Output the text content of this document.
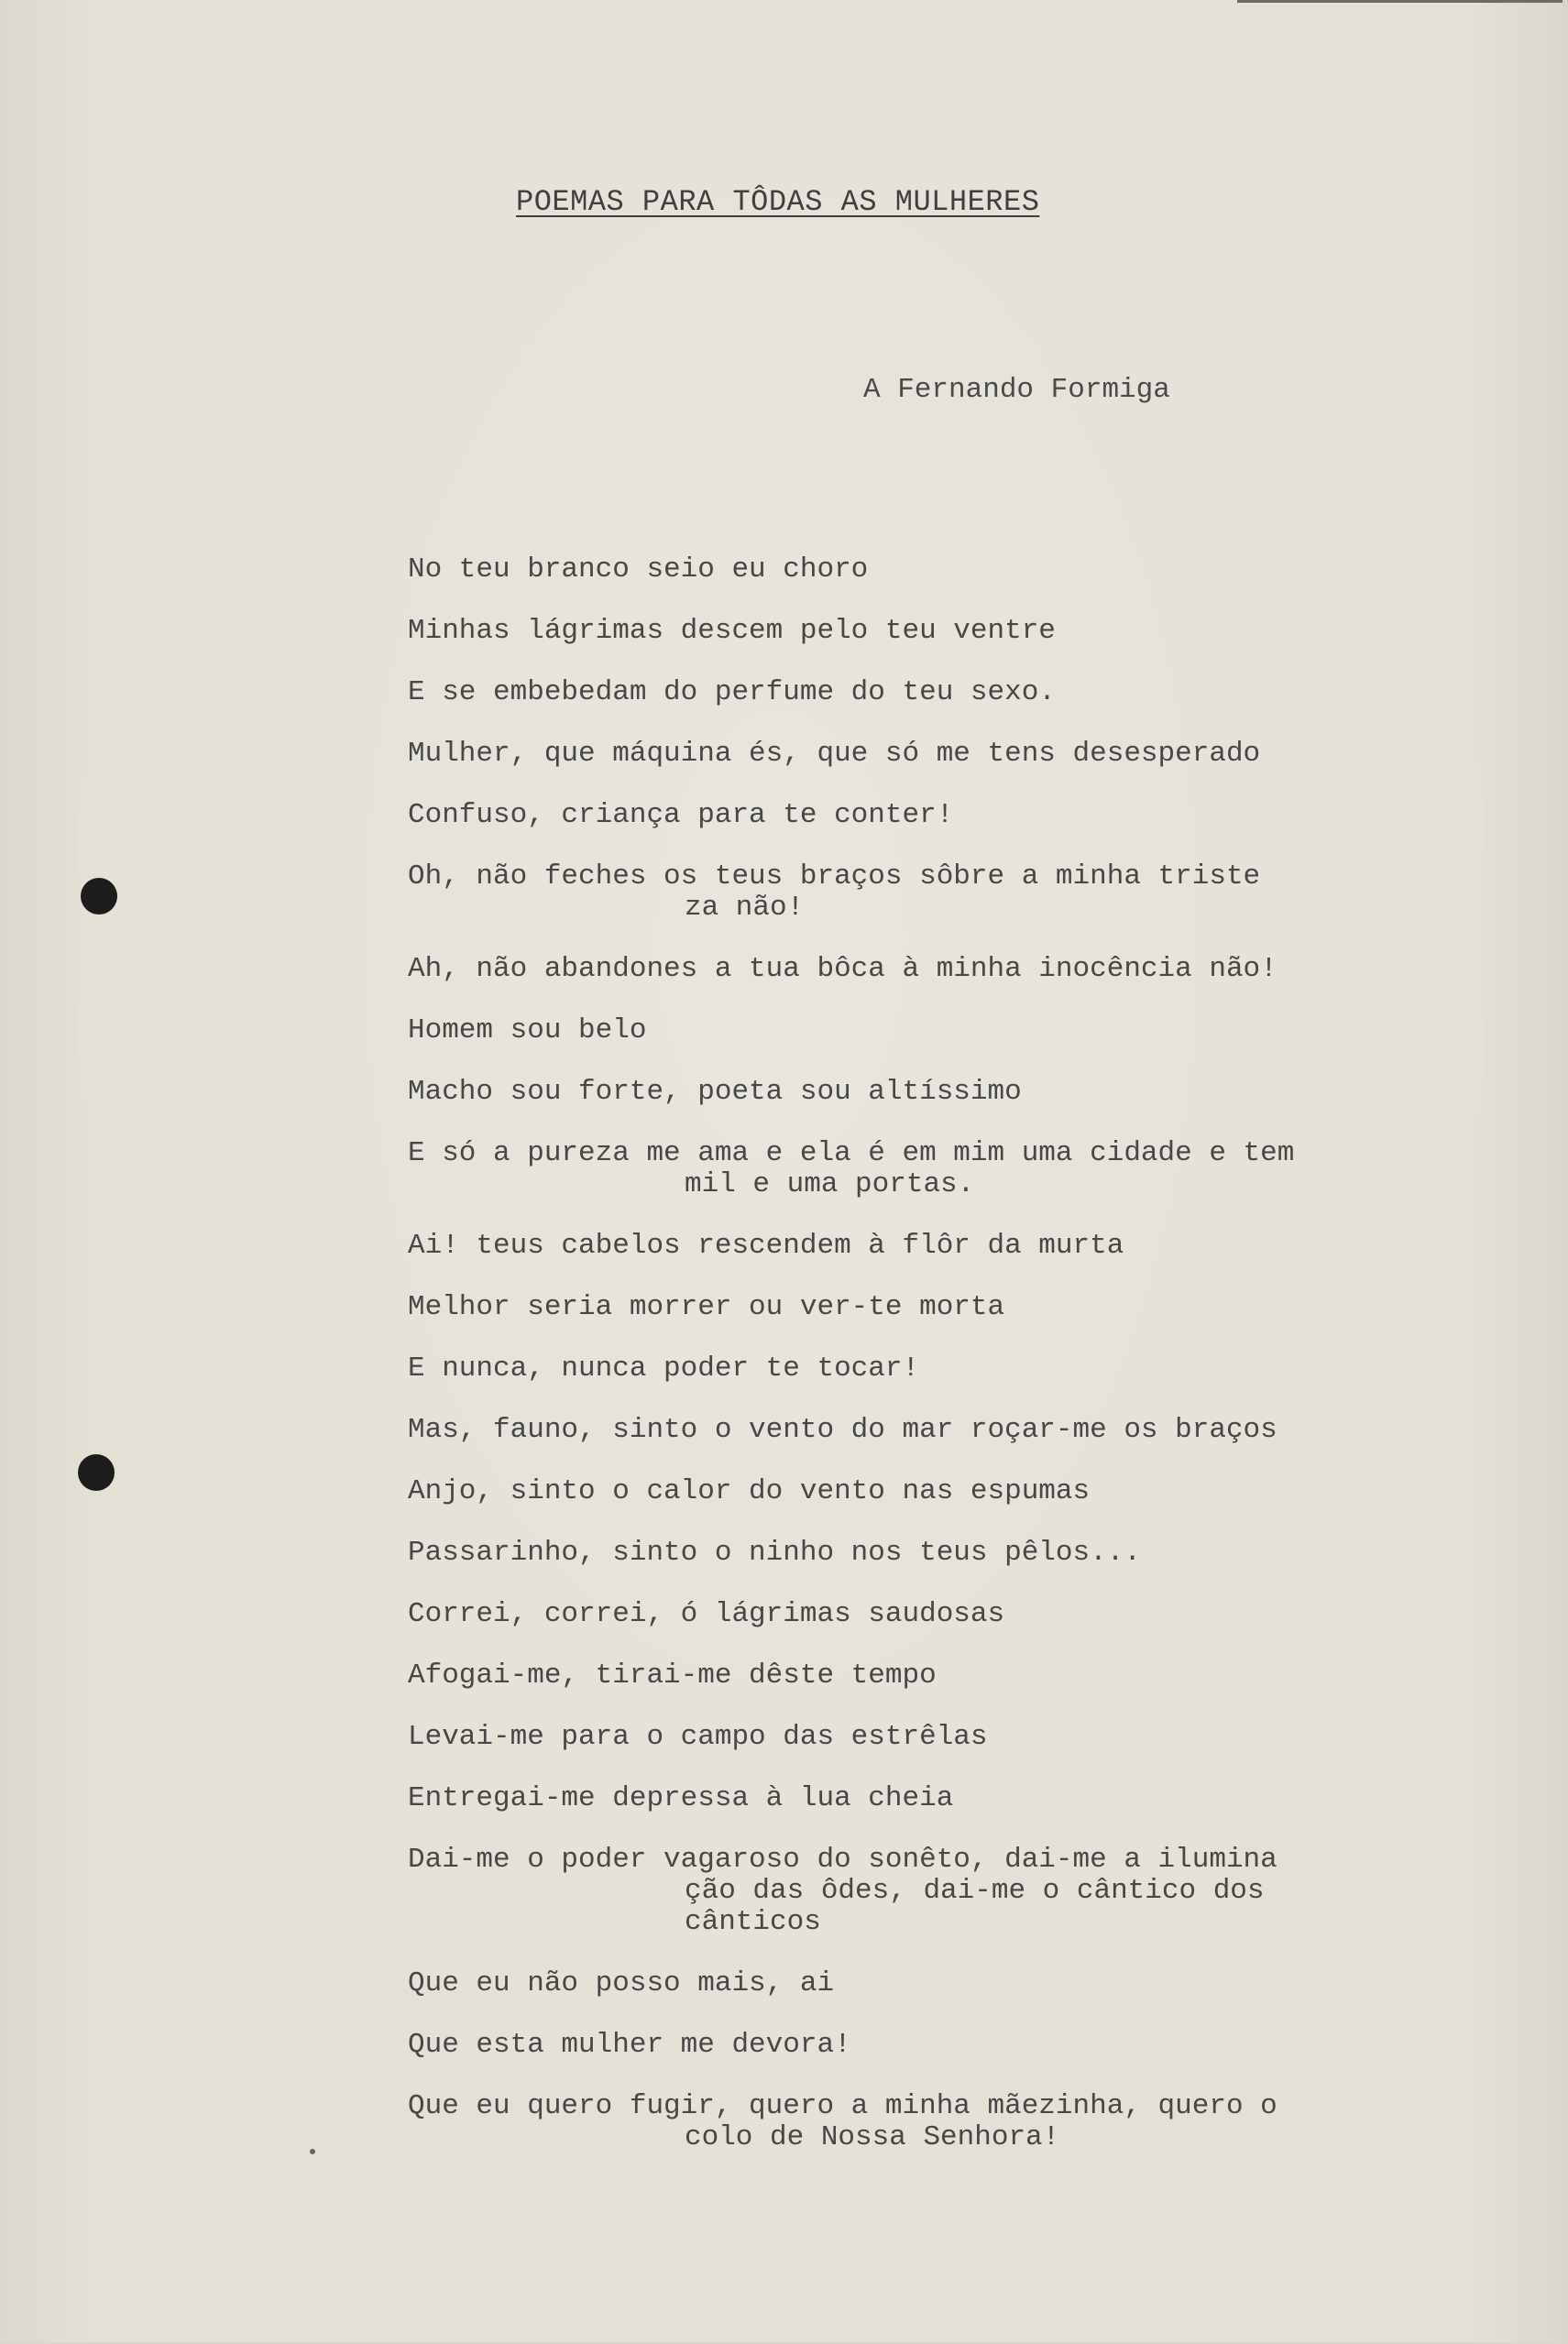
POEMAS PARA TÔDAS AS MULHERES
A Fernando Formiga
No teu branco seio eu choro
Minhas lágrimas descem pelo teu ventre
E se embebedam do perfume do teu sexo.
Mulher, que máquina és, que só me tens desesperado
Confuso, criança para te conter!
Oh, não feches os teus braços sôbre a minha triste
za não!
Ah, não abandones a tua bôca à minha inocência não!
Homem sou belo
Macho sou forte, poeta sou altíssimo
E só a pureza me ama e ela é em mim uma cidade e tem
mil e uma portas.
Ai! teus cabelos rescendem à flôr da murta
Melhor seria morrer ou ver-te morta
E nunca, nunca poder te tocar!
Mas, fauno, sinto o vento do mar roçar-me os braços
Anjo, sinto o calor do vento nas espumas
Passarinho, sinto o ninho nos teus pêlos...
Correi, correi, ó lágrimas saudosas
Afogai-me, tirai-me dêste tempo
Levai-me para o campo das estrêlas
Entregai-me depressa à lua cheia
Dai-me o poder vagaroso do sonêto, dai-me a ilumina
ção das ôdes, dai-me o cântico dos
cânticos
Que eu não posso mais, ai
Que esta mulher me devora!
Que eu quero fugir, quero a minha mãezinha, quero o
colo de Nossa Senhora!
